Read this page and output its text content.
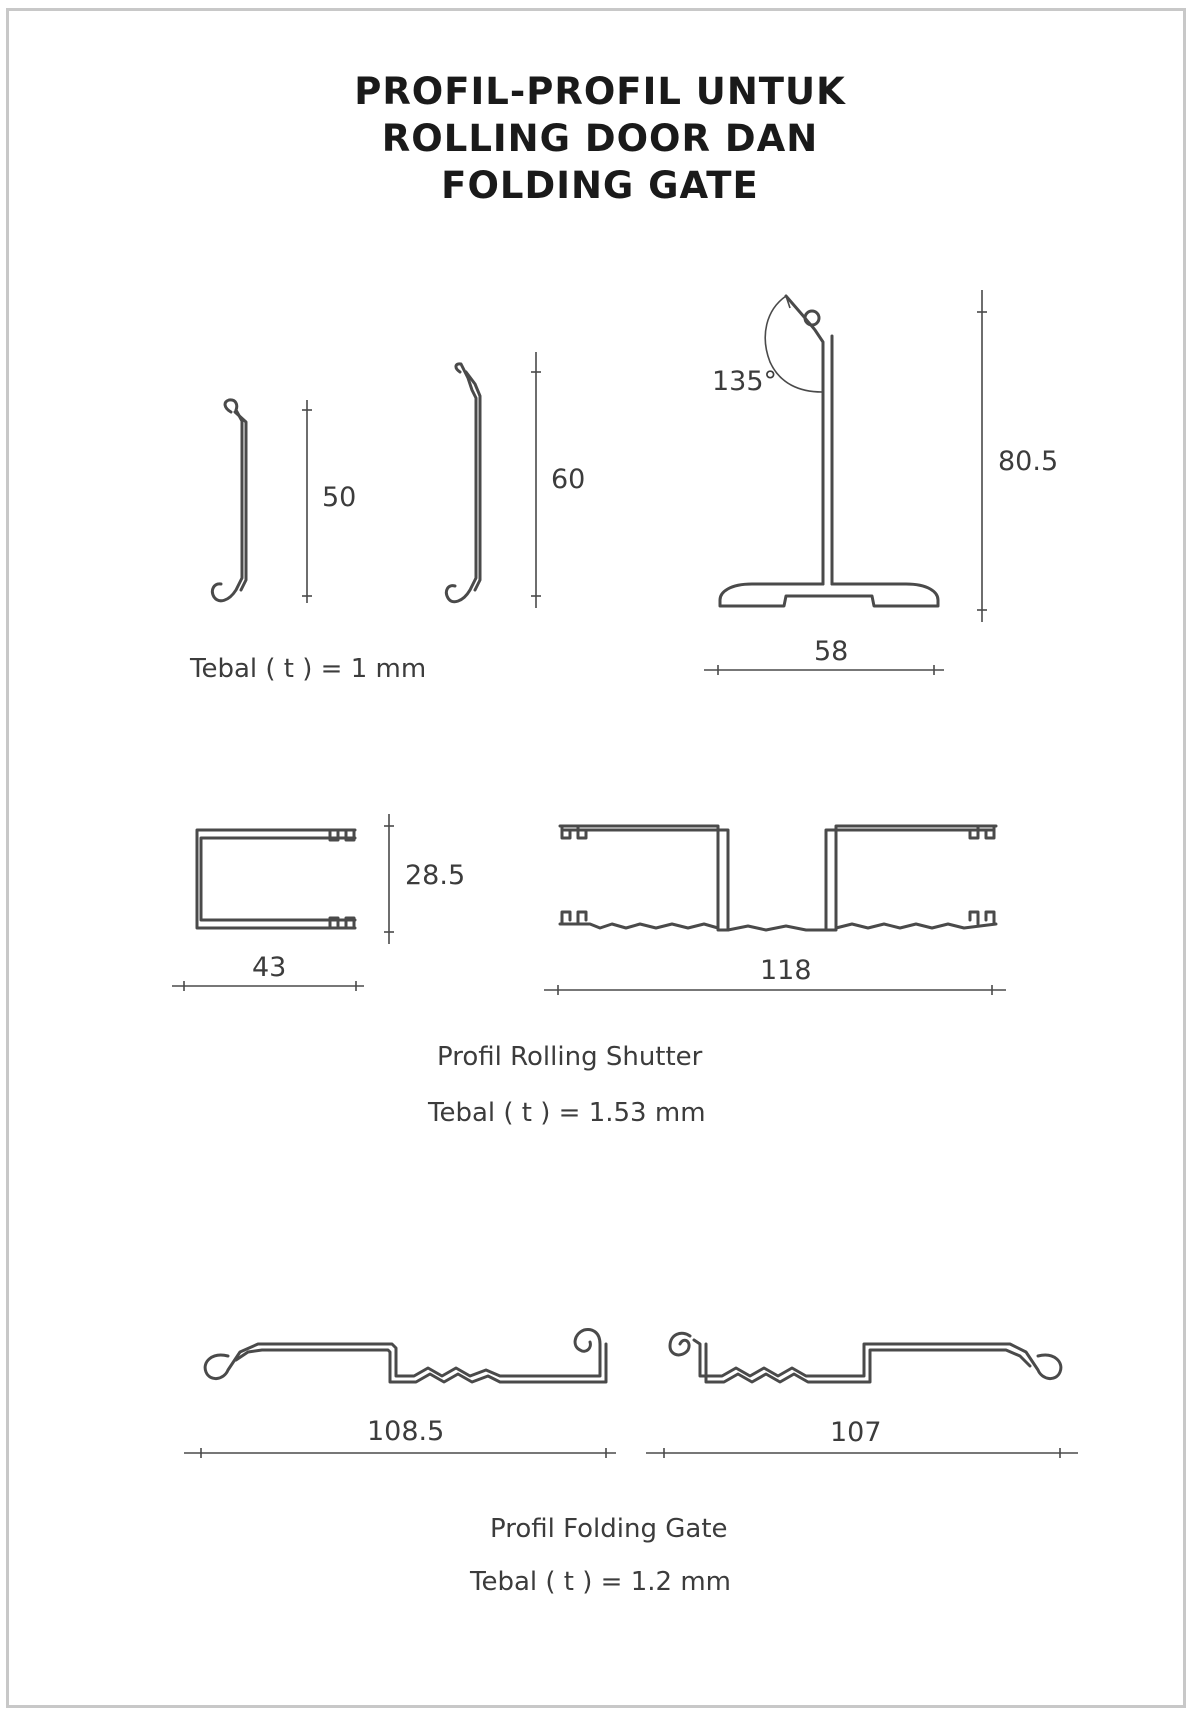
PROFIL-PROFIL UNTUK
ROLLING DOOR DAN
FOLDING GATE
50
60
135°
80.5
58
Tebal ( t ) = 1 mm
28.5
43	118
Profil Rolling Shutter
Tebal ( t ) = 1.53 mm
108.5	107
Profil Folding Gate
Tebal ( t ) = 1.2 mm
